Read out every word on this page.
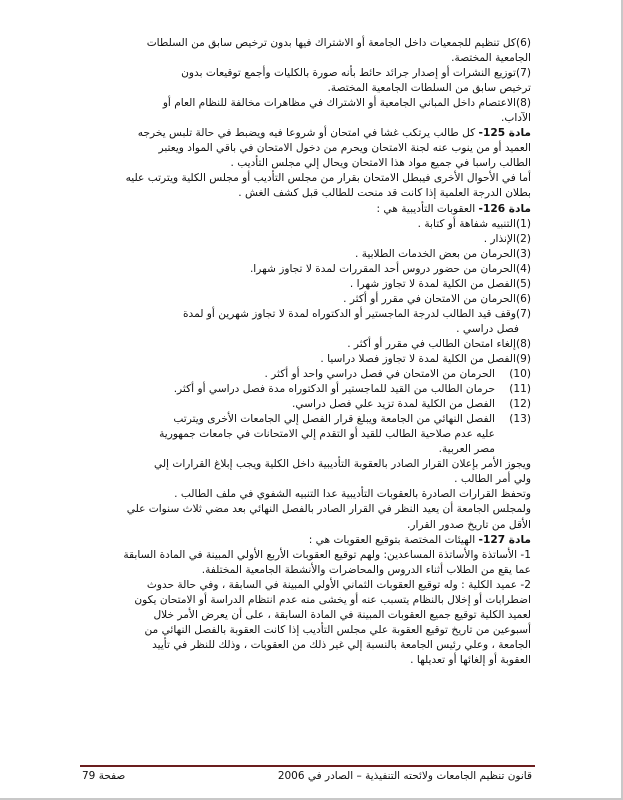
(6)كل تنظيم للجمعيات داخل الجامعة أو الاشتراك فيها بدون ترخيص سابق من السلطات

الجامعية المختصة.

(7)توزيع النشرات أو إصدار جرائد حائط بأنه صورة بالكليات وأجمع توقيعات بدون

ترخيص سابق من السلطات الجامعية المختصة.

(8)الاعتصام داخل المباني الجامعية أو الاشتراك في مظاهرات مخالفة للنظام العام أو

الآداب.

مادة 125- كل طالب يرتكب غشا في امتحان أو شروعا فيه ويضبط في حالة تلبس يخرجه

العميد أو من ينوب عنه لجنة الامتحان ويحرم من دخول الامتحان في باقي المواد ويعتبر

الطالب راسبا في جميع مواد هذا الامتحان ويحال إلي مجلس التأديب .

أما في الأحوال الأخرى فيبطل الامتحان بقرار من مجلس التأديب أو مجلس الكلية ويترتب عليه

بطلان الدرجة العلمية إذا كانت قد منحت للطالب قبل كشف الغش .

مادة 126- العقوبات التأديبية هي :

(1)التنبيه شفاهة أو كتابة .

(2)الإنذار .

(3)الحرمان من بعض الخدمات الطلابية .

(4)الحرمان من حضور دروس أحد المقررات لمدة لا تجاوز شهرا.

(5)الفصل من الكلية لمدة لا تجاوز شهرا .

(6)الحرمان من الامتحان في مقرر أو أكثر .

(7)وقف قيد الطالب لدرجة الماجستير أو الدكتوراه لمدة لا تجاوز شهرين أو لمدة

فصل دراسي .

(8)إلغاء امتحان الطالب في مقرر أو أكثر .

(9)الفصل من الكلية لمدة لا تجاوز فصلا دراسيا .

(10)
الحرمان من الامتحان في فصل دراسي واحد أو أكثر .
(11)
حرمان الطالب من القيد للماجستير أو الدكتوراه مدة فصل دراسي أو أكثر.
(12)
الفصل من الكلية لمدة تزيد علي فصل دراسي.
(13)
الفصل النهائي من الجامعة ويبلغ قرار الفصل إلي الجامعات الأخرى ويترتب

عليه عدم صلاحية الطالب للقيد أو التقدم إلي الامتحانات في جامعات جمهورية

مصر العربية.

ويجوز الأمر بإعلان القرار الصادر بالعقوبة التأديبية داخل الكلية ويجب إبلاغ القرارات إلي

ولي أمر الطالب .

وتحفظ القرارات الصادرة بالعقوبات التأديبية عدا التنبيه الشفوي في ملف الطالب .

ولمجلس الجامعة أن يعيد النظر في القرار الصادر بالفصل النهائي بعد مضي ثلاث سنوات علي

الأقل من تاريخ صدور القرار.

مادة 127- الهيئات المختصة بتوقيع العقوبات هي :

1- الأساتذة والأساتذة المساعدين: ولهم توقيع العقوبات الأربع الأولي المبينة في المادة السابقة

عما يقع من الطلاب أثناء الدروس والمحاضرات والأنشطة الجامعية المختلفة.

2- عميد الكلية : وله توقيع العقوبات الثماني الأولي المبينة في السابقة ، وفي حالة حدوث

اضطرابات أو إخلال بالنظام يتسبب عنه أو يخشى منه عدم انتظام الدراسة أو الامتحان يكون

لعميد الكلية توقيع جميع العقوبات المبينة في المادة السابقة ، على أن يعرض الأمر خلال

أسبوعين من تاريخ توقيع العقوبة علي مجلس التأديب إذا كانت العقوبة بالفصل النهائي من

الجامعة ، وعلي رئيس الجامعة بالنسبة إلي غير ذلك من العقوبات ، وذلك للنظر في تأييد

العقوبة أو إلغائها أو تعديلها .

قانون تنظيم الجامعات ولائحته التنفيذية – الصادر في 2006
صفحة 79
